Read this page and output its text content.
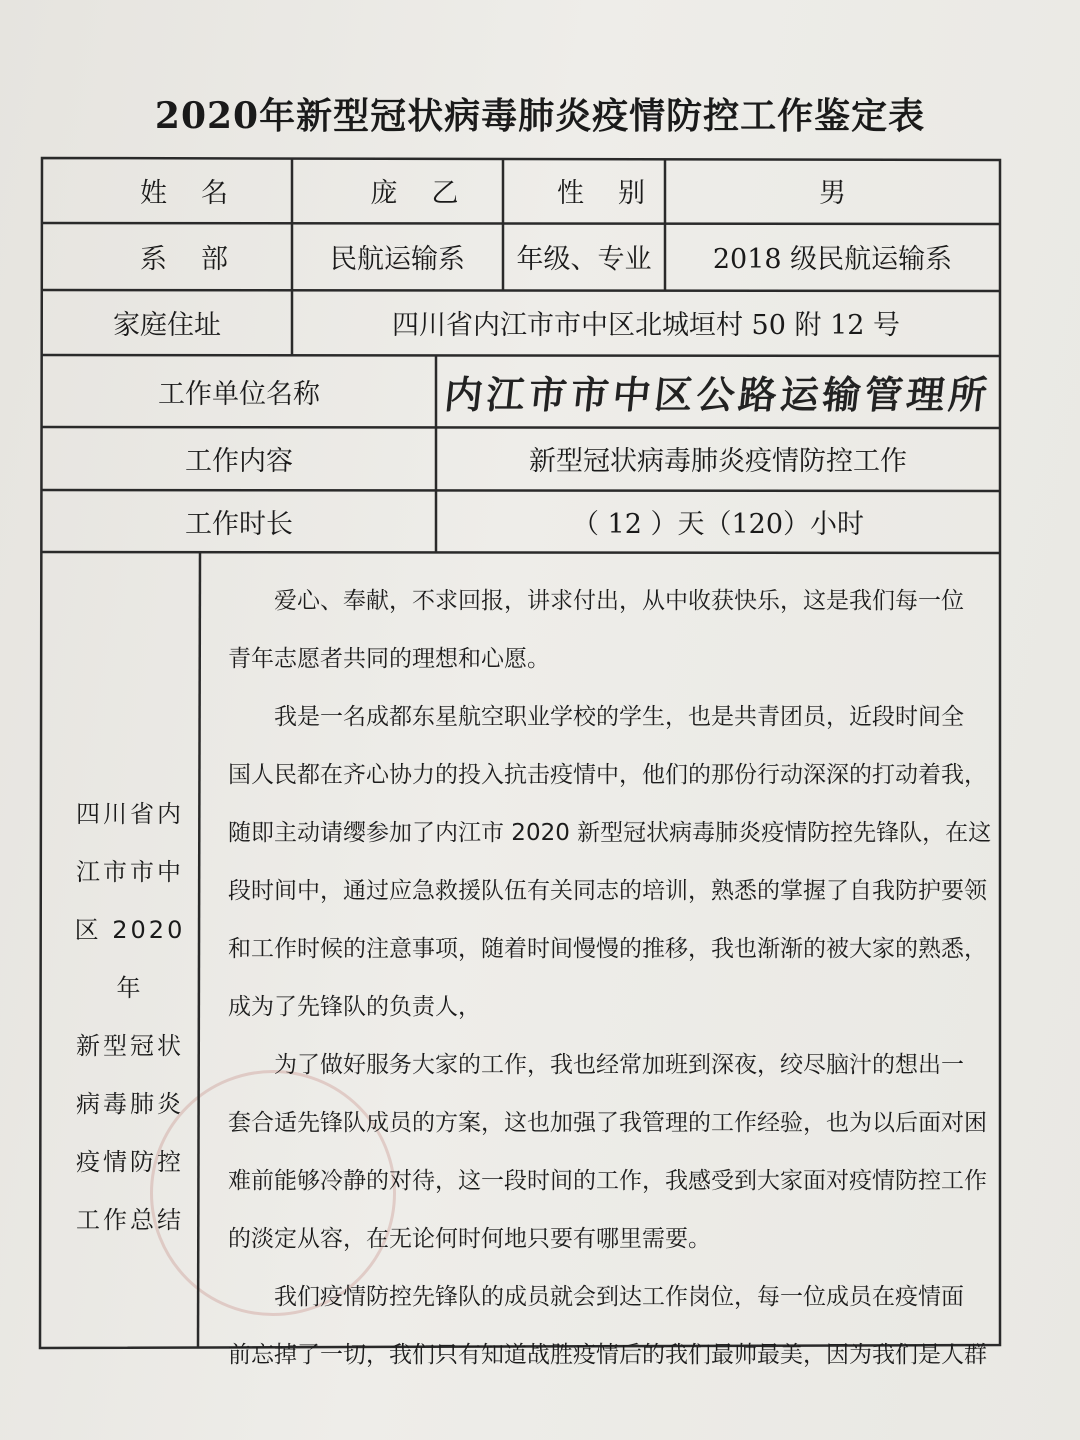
2020年新型冠状病毒肺炎疫情防控工作鉴定表
姓名	庞乙	性别	男
系部	民航运输系	年级、专业	2018 级民航运输系
家庭住址	四川省内江市市中区北城垣村 50 附 12 号
工作单位名称	内江市市中区公路运输管理所
工作内容	新型冠状病毒肺炎疫情防控工作
工作时长	（ 12 ）天（120）小时
四川省内
江市市中
区 2020 年
新型冠状
病毒肺炎
疫情防控
工作总结
爱心、奉献，不求回报，讲求付出，从中收获快乐，这是我们每一位
青年志愿者共同的理想和心愿。
我是一名成都东星航空职业学校的学生，也是共青团员，近段时间全
国人民都在齐心协力的投入抗击疫情中，他们的那份行动深深的打动着我，
随即主动请缨参加了内江市 2020 新型冠状病毒肺炎疫情防控先锋队，在这
段时间中，通过应急救援队伍有关同志的培训，熟悉的掌握了自我防护要领
和工作时候的注意事项，随着时间慢慢的推移，我也渐渐的被大家的熟悉，
成为了先锋队的负责人，
为了做好服务大家的工作，我也经常加班到深夜，绞尽脑汁的想出一
套合适先锋队成员的方案，这也加强了我管理的工作经验，也为以后面对困
难前能够冷静的对待，这一段时间的工作，我感受到大家面对疫情防控工作
的淡定从容，在无论何时何地只要有哪里需要。
我们疫情防控先锋队的成员就会到达工作岗位，每一位成员在疫情面
前忘掉了一切，我们只有知道战胜疫情后的我们最帅最美，因为我们是人群
